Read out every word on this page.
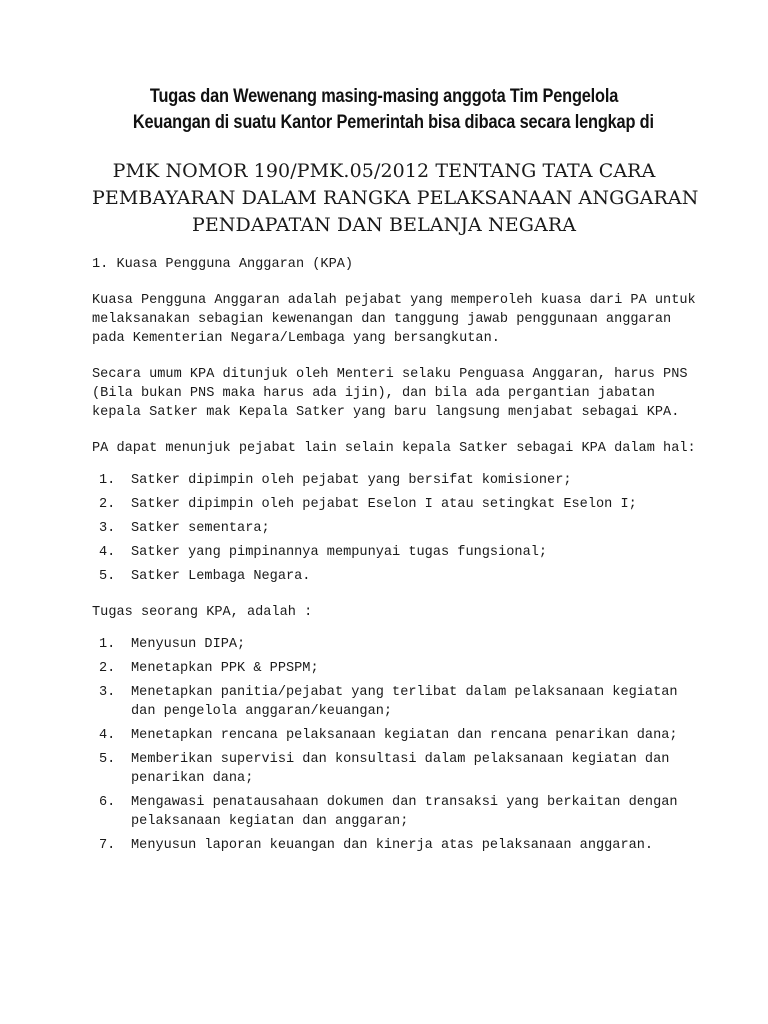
Tugas dan Wewenang masing-masing anggota Tim Pengelola
Keuangan di suatu Kantor Pemerintah bisa dibaca secara lengkap di
PMK NOMOR 190/PMK.05/2012 TENTANG TATA CARA
PEMBAYARAN DALAM RANGKA PELAKSANAAN ANGGARAN
PENDAPATAN DAN BELANJA NEGARA
1. Kuasa Pengguna Anggaran (KPA)

Kuasa Pengguna Anggaran adalah pejabat yang memperoleh kuasa dari PA untuk
melaksanakan sebagian kewenangan dan tanggung jawab penggunaan anggaran
pada Kementerian Negara/Lembaga yang bersangkutan.

Secara umum KPA ditunjuk oleh Menteri selaku Penguasa Anggaran, harus PNS
(Bila bukan PNS maka harus ada ijin), dan bila ada pergantian jabatan
kepala Satker mak Kepala Satker yang baru langsung menjabat sebagai KPA.

PA dapat menunjuk pejabat lain selain kepala Satker sebagai KPA dalam hal:

1.	Satker dipimpin oleh pejabat yang bersifat komisioner;
2.	Satker dipimpin oleh pejabat Eselon I atau setingkat Eselon I;
3.	Satker sementara;
4.	Satker yang pimpinannya mempunyai tugas fungsional;
5.	Satker Lembaga Negara.

Tugas seorang KPA, adalah :

1.	Menyusun DIPA;
2.	Menetapkan PPK & PPSPM;
3.	Menetapkan panitia/pejabat yang terlibat dalam pelaksanaan kegiatan
dan pengelola anggaran/keuangan;
4.	Menetapkan rencana pelaksanaan kegiatan dan rencana penarikan dana;
5.	Memberikan supervisi dan konsultasi dalam pelaksanaan kegiatan dan
penarikan dana;
6.	Mengawasi penatausahaan dokumen dan transaksi yang berkaitan dengan
pelaksanaan kegiatan dan anggaran;
7.	Menyusun laporan keuangan dan kinerja atas pelaksanaan anggaran.
